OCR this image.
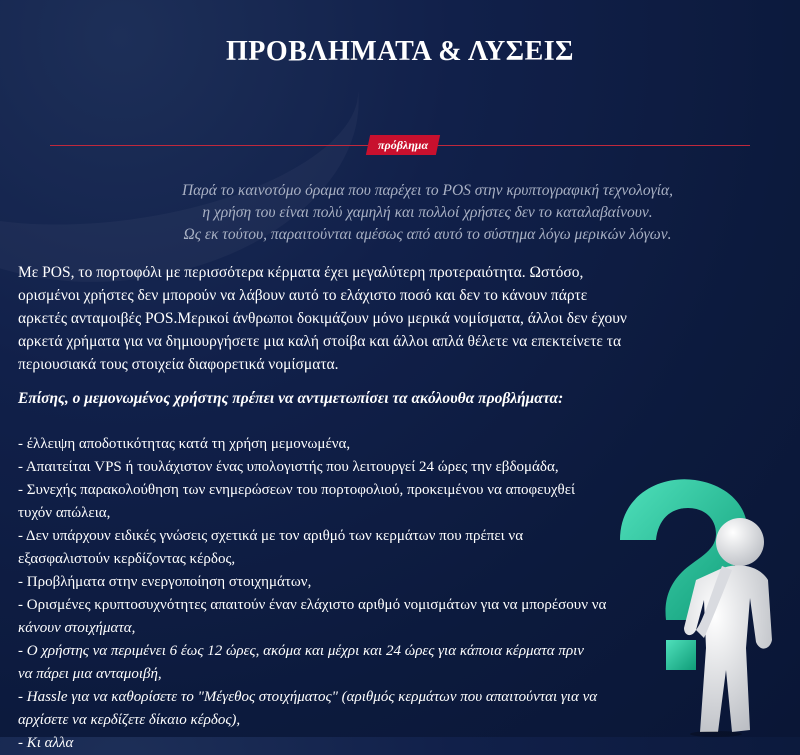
ΠΡΟΒΛΗΜΑΤΑ & ΛΥΣΕΙΣ
πρόβλημα
Παρά το καινοτόμο όραμα που παρέχει το POS στην κρυπτογραφική τεχνολογία,
η χρήση του είναι πολύ χαμηλή και πολλοί χρήστες δεν το καταλαβαίνουν.
Ως εκ τούτου, παραιτούνται αμέσως από αυτό το σύστημα λόγω μερικών λόγων.
Με POS, το πορτοφόλι με περισσότερα κέρματα έχει μεγαλύτερη προτεραιότητα. Ωστόσο,
ορισμένοι χρήστες δεν μπορούν να λάβουν αυτό το ελάχιστο ποσό και δεν το κάνουν πάρτε
αρκετές ανταμοιβές POS.Μερικοί άνθρωποι δοκιμάζουν μόνο μερικά νομίσματα, άλλοι δεν έχουν
αρκετά χρήματα για να δημιουργήσετε μια καλή στοίβα και άλλοι απλά θέλετε να επεκτείνετε τα
περιουσιακά τους στοιχεία διαφορετικά νομίσματα.
Επίσης, ο μεμονωμένος χρήστης πρέπει να αντιμετωπίσει τα ακόλουθα προβλήματα:
- έλλειψη αποδοτικότητας κατά τη χρήση μεμονωμένα,
- Απαιτείται VPS ή τουλάχιστον ένας υπολογιστής που λειτουργεί 24 ώρες την εβδομάδα,
- Συνεχής παρακολούθηση των ενημερώσεων του πορτοφολιού, προκειμένου να αποφευχθεί
τυχόν απώλεια,
- Δεν υπάρχουν ειδικές γνώσεις σχετικά με τον αριθμό των κερμάτων που πρέπει να
εξασφαλιστούν κερδίζοντας κέρδος,
- Προβλήματα στην ενεργοποίηση στοιχημάτων,
- Ορισμένες κρυπτοσυχνότητες απαιτούν έναν ελάχιστο αριθμό νομισμάτων για να μπορέσουν να
κάνουν στοιχήματα,
- Ο χρήστης να περιμένει 6 έως 12 ώρες, ακόμα και μέχρι και 24 ώρες για κάποια κέρματα πριν
να πάρει μια ανταμοιβή,
- Hassle για να καθορίσετε το "Μέγεθος στοιχήματος" (αριθμός κερμάτων που απαιτούνται για να
αρχίσετε να κερδίζετε δίκαιο κέρδος),
- Κι αλλα
